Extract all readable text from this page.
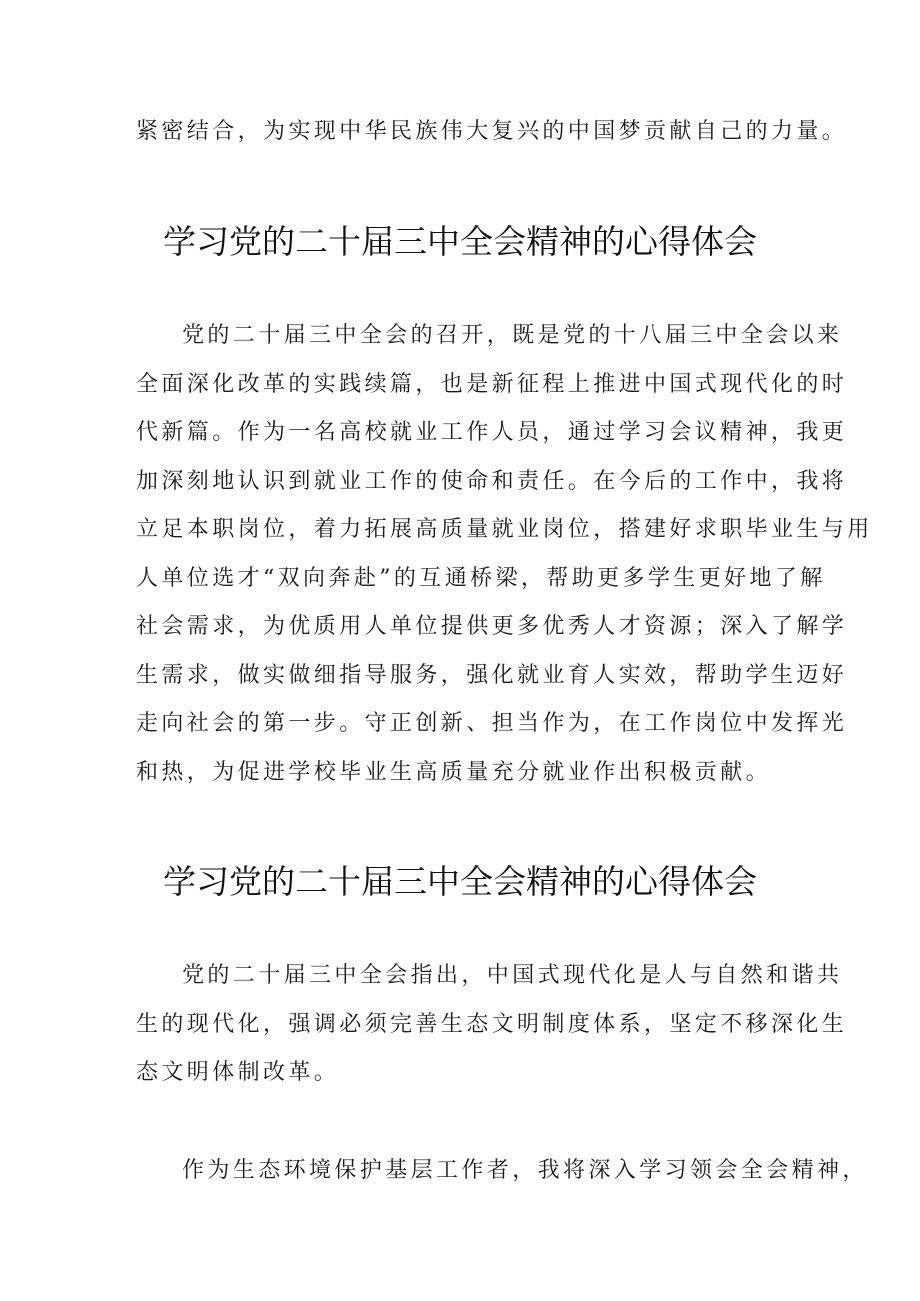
紧密结合，为实现中华民族伟大复兴的中国梦贡献自己的力量。

学习党的二十届三中全会精神的心得体会

党的二十届三中全会的召开，既是党的十八届三中全会以来
全面深化改革的实践续篇，也是新征程上推进中国式现代化的时
代新篇。作为一名高校就业工作人员，通过学习会议精神，我更
加深刻地认识到就业工作的使命和责任。在今后的工作中，我将
立足本职岗位，着力拓展高质量就业岗位，搭建好求职毕业生与用
人单位选才“双向奔赴”的互通桥梁，帮助更多学生更好地了解
社会需求，为优质用人单位提供更多优秀人才资源；深入了解学
生需求，做实做细指导服务，强化就业育人实效，帮助学生迈好
走向社会的第一步。守正创新、担当作为，在工作岗位中发挥光
和热，为促进学校毕业生高质量充分就业作出积极贡献。

学习党的二十届三中全会精神的心得体会

党的二十届三中全会指出，中国式现代化是人与自然和谐共
生的现代化，强调必须完善生态文明制度体系，坚定不移深化生
态文明体制改革。

作为生态环境保护基层工作者，我将深入学习领会全会精神，
